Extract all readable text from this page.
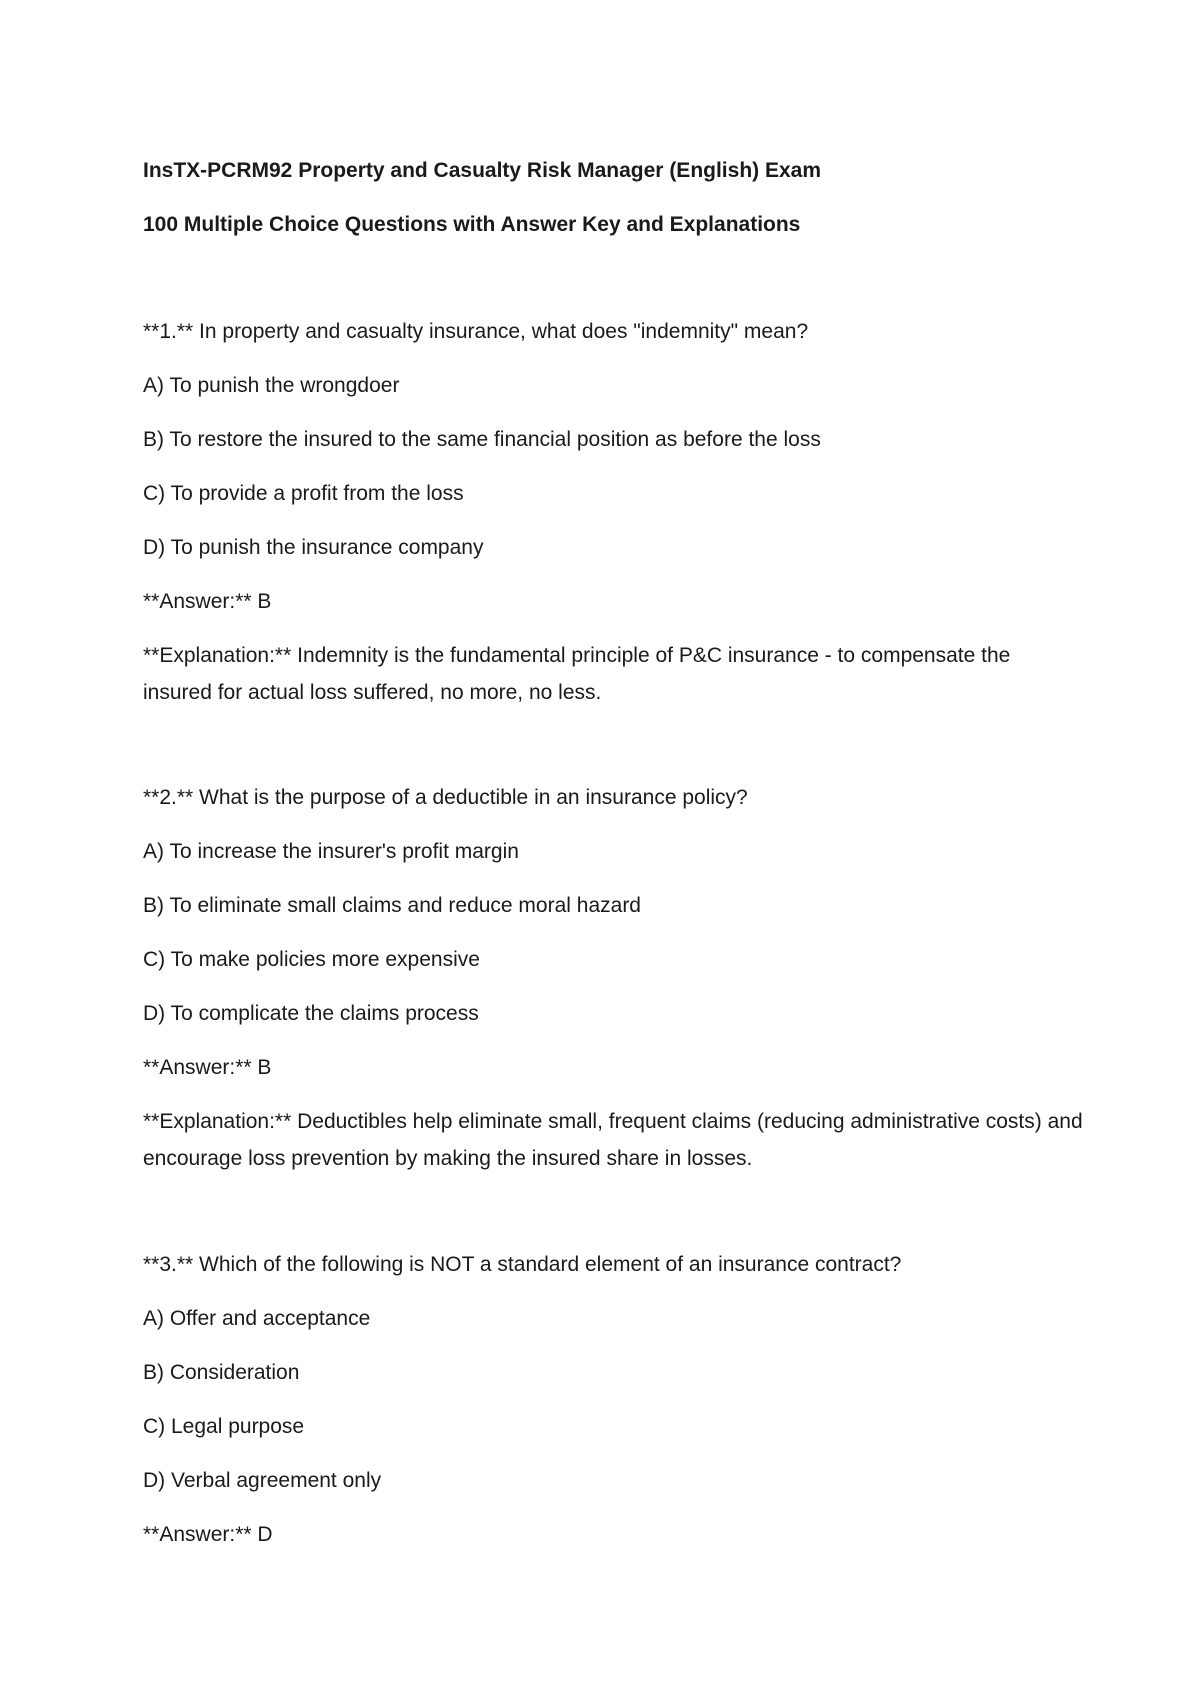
InsTX-PCRM92 Property and Casualty Risk Manager (English) Exam
100 Multiple Choice Questions with Answer Key and Explanations
**1.** In property and casualty insurance, what does "indemnity" mean?
A) To punish the wrongdoer
B) To restore the insured to the same financial position as before the loss
C) To provide a profit from the loss
D) To punish the insurance company
**Answer:** B

**Explanation:** Indemnity is the fundamental principle of P&C insurance - to compensate the insured for actual loss suffered, no more, no less.

**2.** What is the purpose of a deductible in an insurance policy?
A) To increase the insurer's profit margin
B) To eliminate small claims and reduce moral hazard
C) To make policies more expensive
D) To complicate the claims process
**Answer:** B

**Explanation:** Deductibles help eliminate small, frequent claims (reducing administrative costs) and encourage loss prevention by making the insured share in losses.

**3.** Which of the following is NOT a standard element of an insurance contract?
A) Offer and acceptance
B) Consideration
C) Legal purpose
D) Verbal agreement only
**Answer:** D
